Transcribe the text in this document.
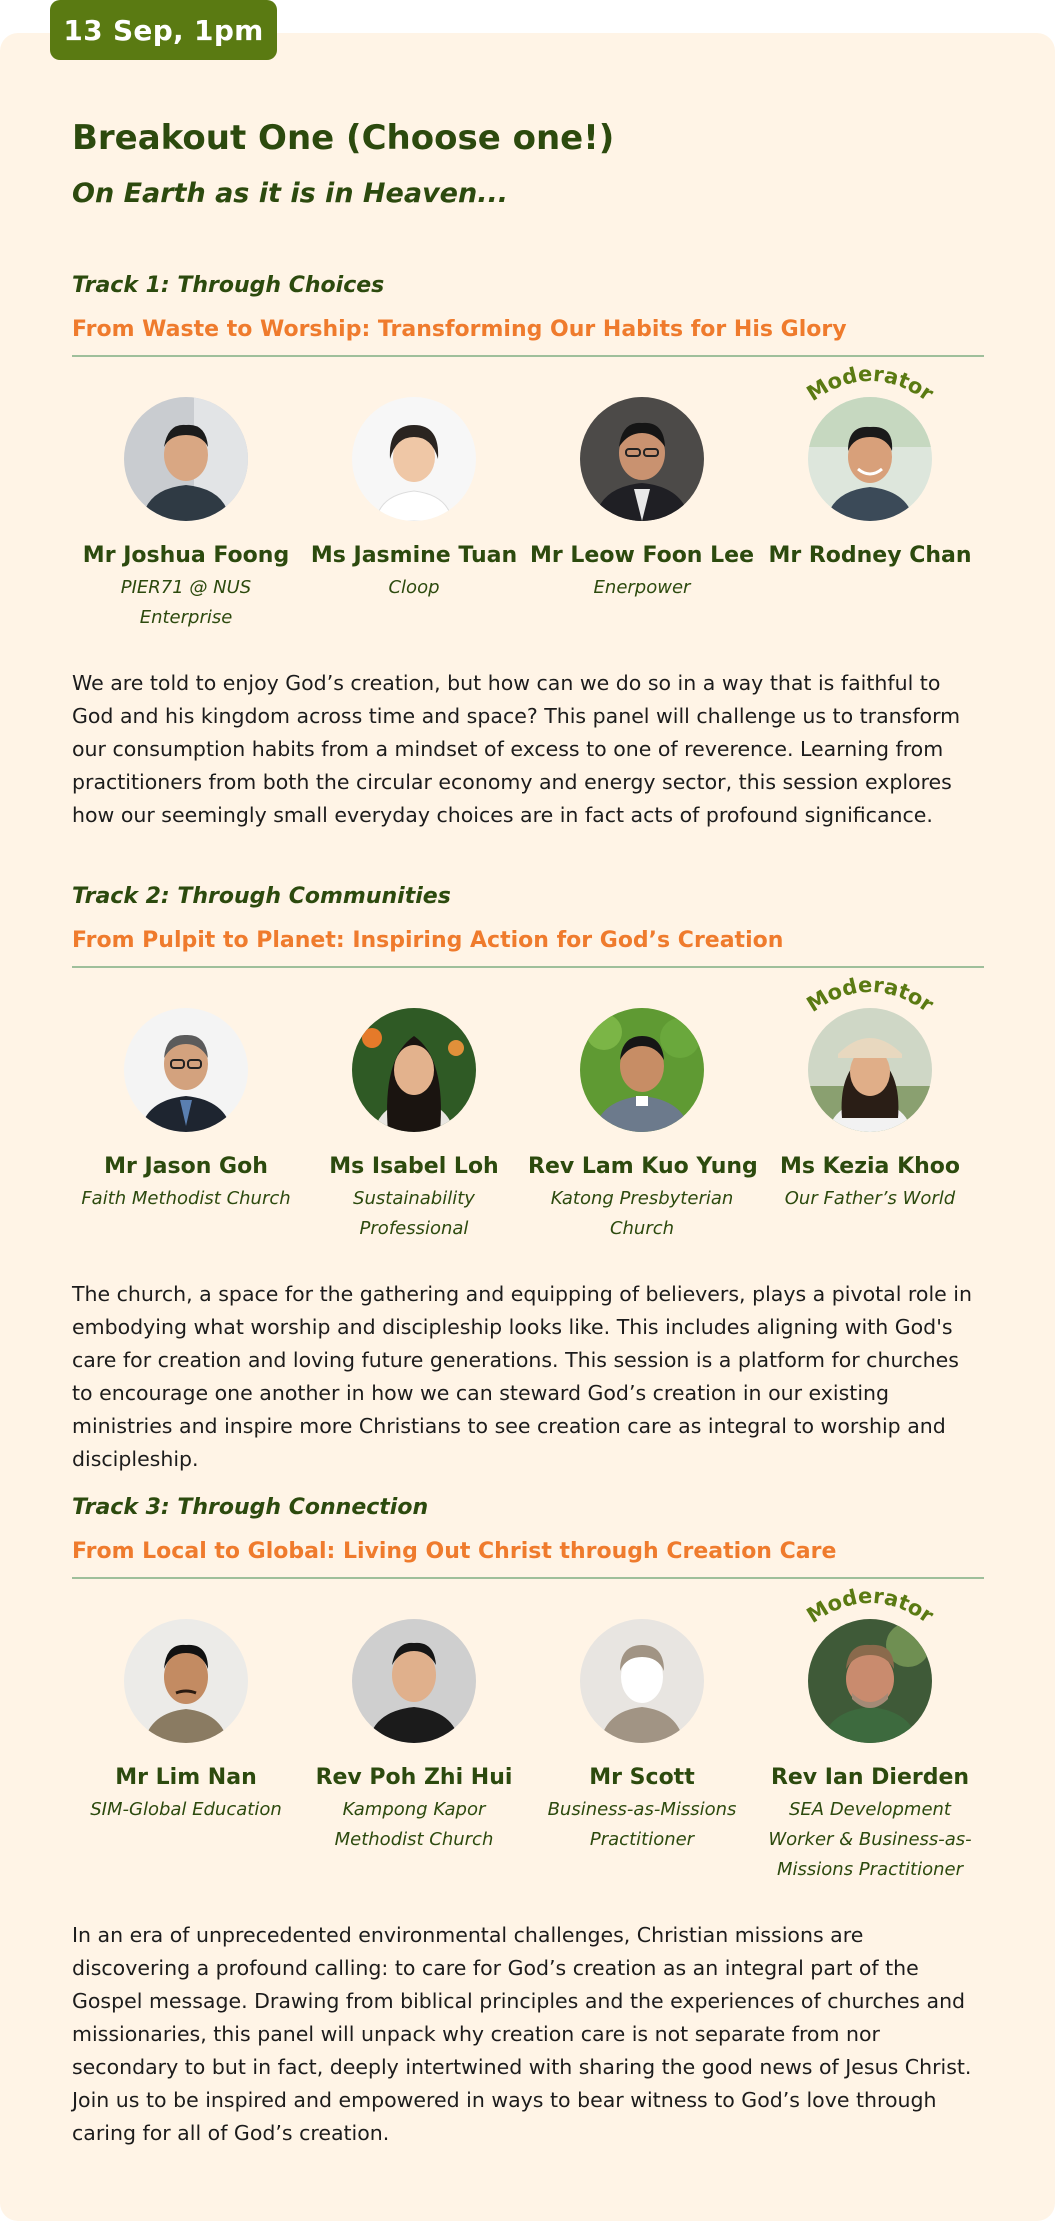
13 Sep, 1pm
Breakout One (Choose one!)
On Earth as it is in Heaven...
Track 1: Through Choices
From Waste to Worship: Transforming Our Habits for His Glory
Mr Joshua Foong
PIER71 @ NUS Enterprise
Ms Jasmine Tuan
Cloop
Mr Leow Foon Lee
Enerpower
Moderator
Mr Rodney Chan

We are told to enjoy God’s creation, but how can we do so in a way that is faithful to God and his kingdom across time and space? This panel will challenge us to transform our consumption habits from a mindset of excess to one of reverence. Learning from practitioners from both the circular economy and energy sector, this session explores how our seemingly small everyday choices are in fact acts of profound significance.

Track 2: Through Communities
From Pulpit to Planet: Inspiring Action for God’s Creation
Mr Jason Goh
Faith Methodist Church
Ms Isabel Loh
Sustainability Professional
Rev Lam Kuo Yung
Katong Presbyterian Church
Moderator
Ms Kezia Khoo
Our Father’s World

The church, a space for the gathering and equipping of believers, plays a pivotal role in embodying what worship and discipleship looks like. This includes aligning with God's care for creation and loving future generations. This session is a platform for churches to encourage one another in how we can steward God’s creation in our existing ministries and inspire more Christians to see creation care as integral to worship and discipleship.

Track 3: Through Connection
From Local to Global: Living Out Christ through Creation Care
Mr Lim Nan
SIM-Global Education
Rev Poh Zhi Hui
Kampong Kapor Methodist Church
Mr Scott
Business-as-Missions Practitioner
Moderator
Rev Ian Dierden
SEA Development Worker & Business-as-Missions Practitioner

In an era of unprecedented environmental challenges, Christian missions are discovering a profound calling: to care for God’s creation as an integral part of the Gospel message. Drawing from biblical principles and the experiences of churches and missionaries, this panel will unpack why creation care is not separate from nor secondary to but in fact, deeply intertwined with sharing the good news of Jesus Christ. Join us to be inspired and empowered in ways to bear witness to God’s love through caring for all of God’s creation.
